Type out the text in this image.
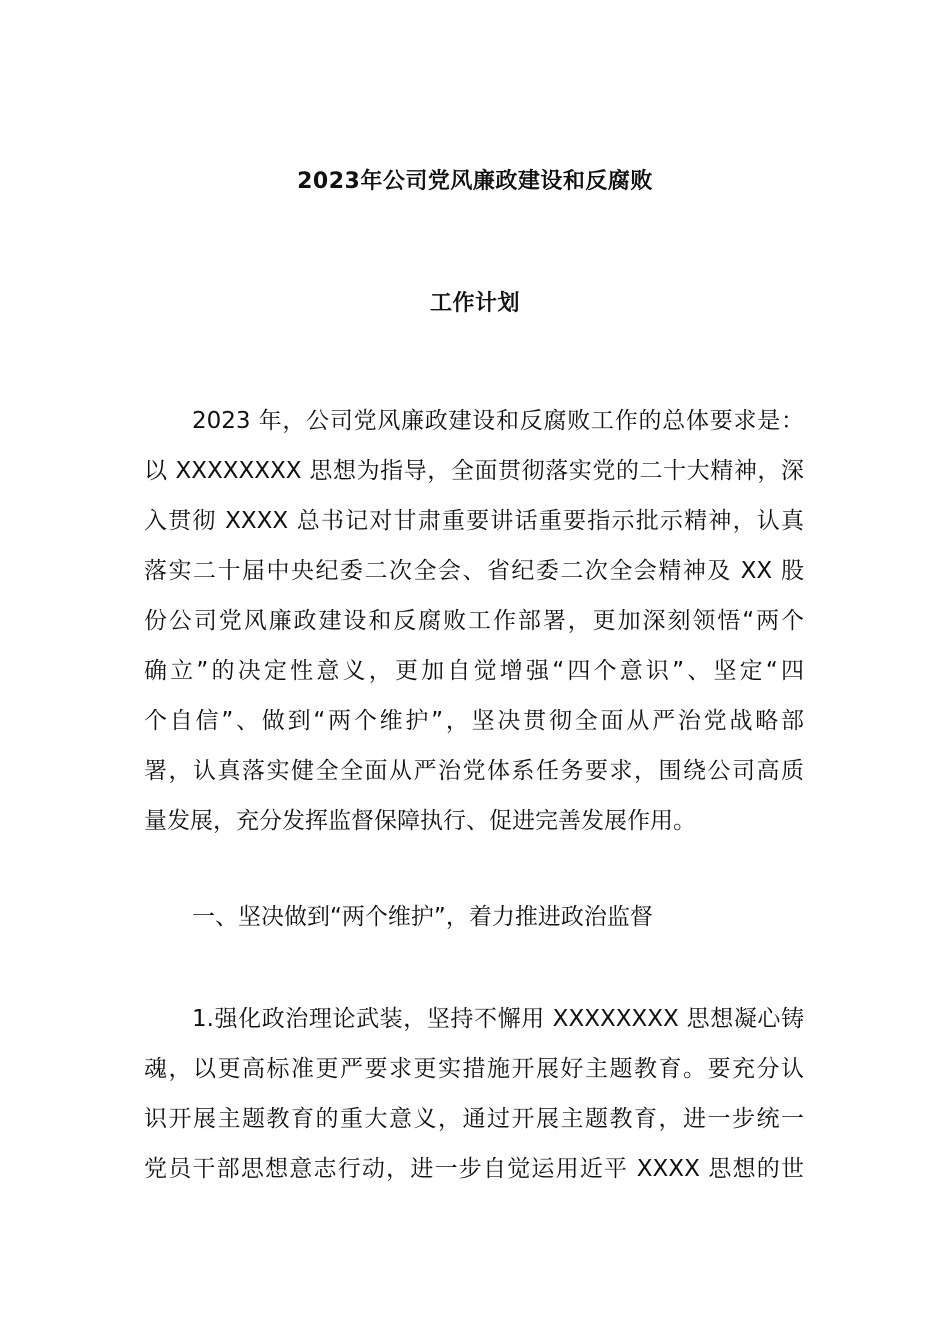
2023年公司党风廉政建设和反腐败
工作计划
2023 年，公司党风廉政建设和反腐败工作的总体要求是：
以 XXXXXXXX 思想为指导，全面贯彻落实党的二十大精神，深
入贯彻 XXXX 总书记对甘肃重要讲话重要指示批示精神，认真
落实二十届中央纪委二次全会、省纪委二次全会精神及 XX 股
份公司党风廉政建设和反腐败工作部署，更加深刻领悟“两个
确立”的决定性意义，更加自觉增强“四个意识”、坚定“四
个自信”、做到“两个维护”，坚决贯彻全面从严治党战略部
署，认真落实健全全面从严治党体系任务要求，围绕公司高质
量发展，充分发挥监督保障执行、促进完善发展作用。
一、坚决做到“两个维护”，着力推进政治监督
1.强化政治理论武装，坚持不懈用 XXXXXXXX 思想凝心铸
魂，以更高标准更严要求更实措施开展好主题教育。要充分认
识开展主题教育的重大意义，通过开展主题教育，进一步统一
党员干部思想意志行动，进一步自觉运用近平 XXXX 思想的世
